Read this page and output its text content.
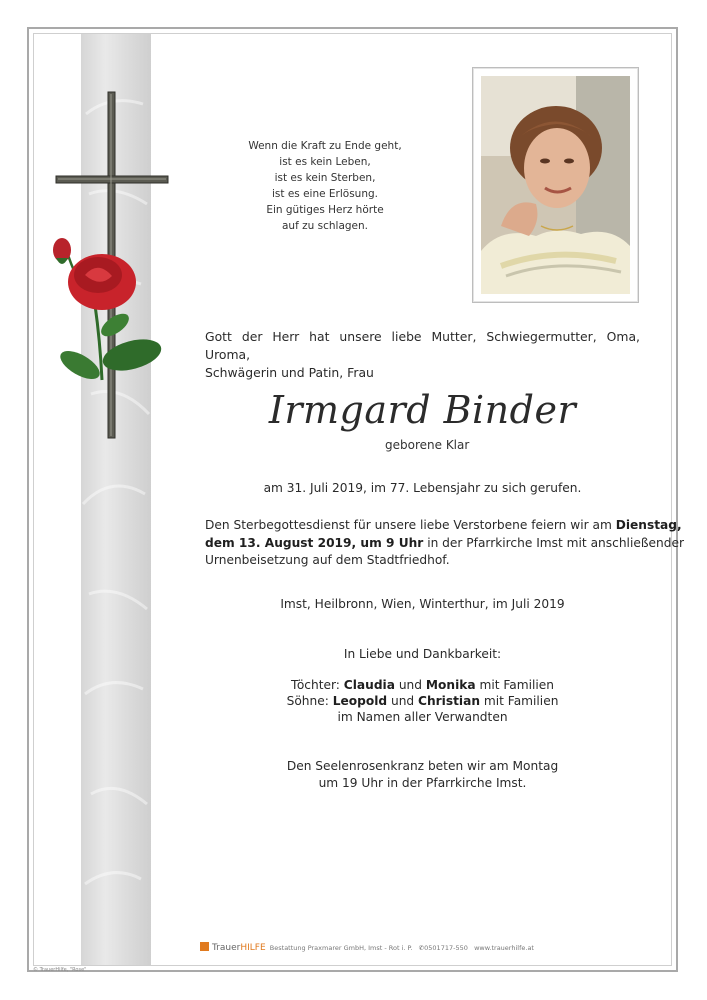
Wenn die Kraft zu Ende geht,
ist es kein Leben,
ist es kein Sterben,
ist es eine Erlösung.
Ein gütiges Herz hörte
auf zu schlagen.
Gott der Herr hat unsere liebe Mutter, Schwiegermutter, Oma, Uroma,
Schwägerin und Patin, Frau
Irmgard Binder
geborene Klar
am 31. Juli 2019, im 77. Lebensjahr zu sich gerufen.
Den Sterbegottesdienst für unsere liebe Verstorbene feiern wir am Dienstag,
dem 13. August 2019, um 9 Uhr in der Pfarrkirche Imst mit anschließender
Urnenbeisetzung auf dem Stadtfriedhof.
Imst, Heilbronn, Wien, Winterthur, im Juli 2019
In Liebe und Dankbarkeit:
Töchter: Claudia und Monika mit Familien
Söhne: Leopold und Christian mit Familien
im Namen aller Verwandten
Den Seelenrosenkranz beten wir am Montag
um 19 Uhr in der Pfarrkirche Imst.
TrauerHILFE Bestattung Praxmarer GmbH, Imst - Rot i. P. ✆0501717-550 www.trauerhilfe.at
© TrauerHilfe, "Rose"
